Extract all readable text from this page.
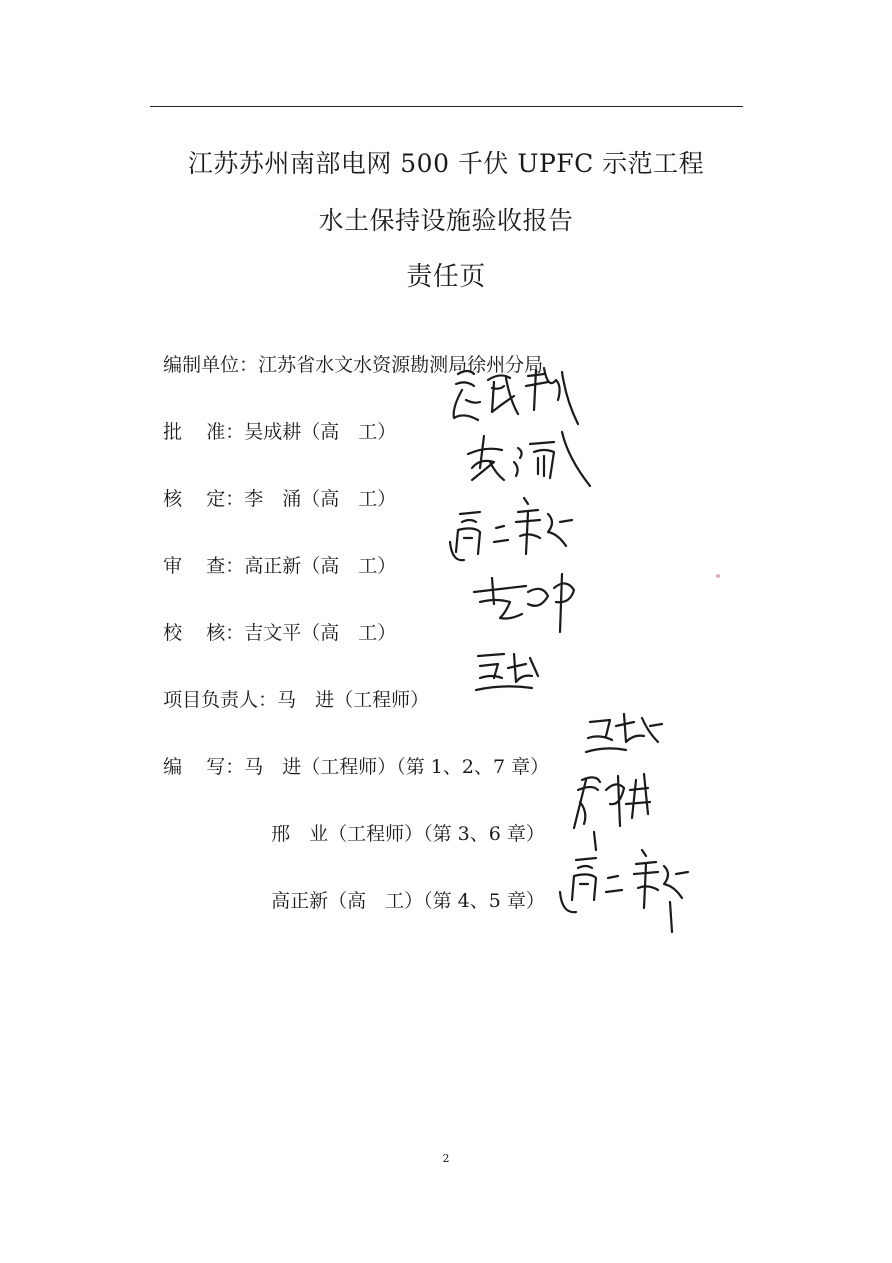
江苏苏州南部电网 500 千伏 UPFC 示范工程
水土保持设施验收报告
责任页

编制单位：江苏省水文水资源勘测局徐州分局

批    准：吴成耕（高　工）

核    定：李　涌（高　工）

审    查：高正新（高　工）

校    核：吉文平（高　工）

项目负责人：马　进（工程师）

编    写：马　进（工程师）（第 1、2、7 章）

邢　业（工程师）（第 3、6 章）

高正新（高　工）（第 4、5 章）

2
